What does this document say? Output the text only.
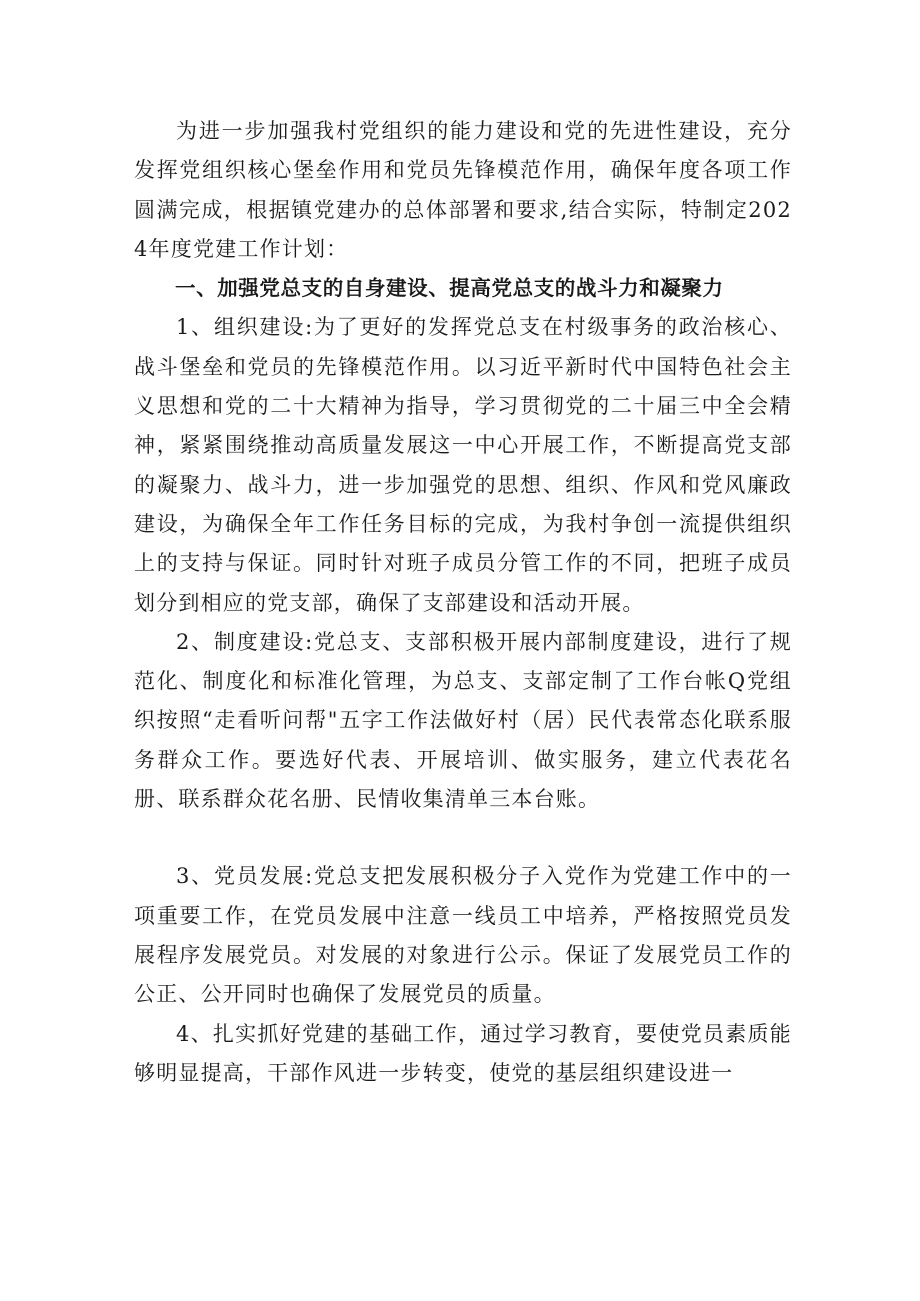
为进一步加强我村党组织的能力建设和党的先进性建设，充分发挥党组织核心堡垒作用和党员先锋模范作用，确保年度各项工作圆满完成，根据镇党建办的总体部署和要求,结合实际，特制定2024年度党建工作计划：

一、加强党总支的自身建设、提高党总支的战斗力和凝聚力

1、组织建设:为了更好的发挥党总支在村级事务的政治核心、战斗堡垒和党员的先锋模范作用。以习近平新时代中国特色社会主义思想和党的二十大精神为指导，学习贯彻党的二十届三中全会精神，紧紧围绕推动高质量发展这一中心开展工作，不断提高党支部的凝聚力、战斗力，进一步加强党的思想、组织、作风和党风廉政建设，为确保全年工作任务目标的完成，为我村争创一流提供组织上的支持与保证。同时针对班子成员分管工作的不同，把班子成员划分到相应的党支部，确保了支部建设和活动开展。

2、制度建设:党总支、支部积极开展内部制度建设，进行了规范化、制度化和标准化管理，为总支、支部定制了工作台帐Q党组织按照“走看听问帮"五字工作法做好村（居）民代表常态化联系服务群众工作。要选好代表、开展培训、做实服务，建立代表花名册、联系群众花名册、民情收集清单三本台账。

3、党员发展:党总支把发展积极分子入党作为党建工作中的一项重要工作，在党员发展中注意一线员工中培养，严格按照党员发展程序发展党员。对发展的对象进行公示。保证了发展党员工作的公正、公开同时也确保了发展党员的质量。

4、扎实抓好党建的基础工作，通过学习教育，要使党员素质能够明显提高，干部作风进一步转变，使党的基层组织建设进一
